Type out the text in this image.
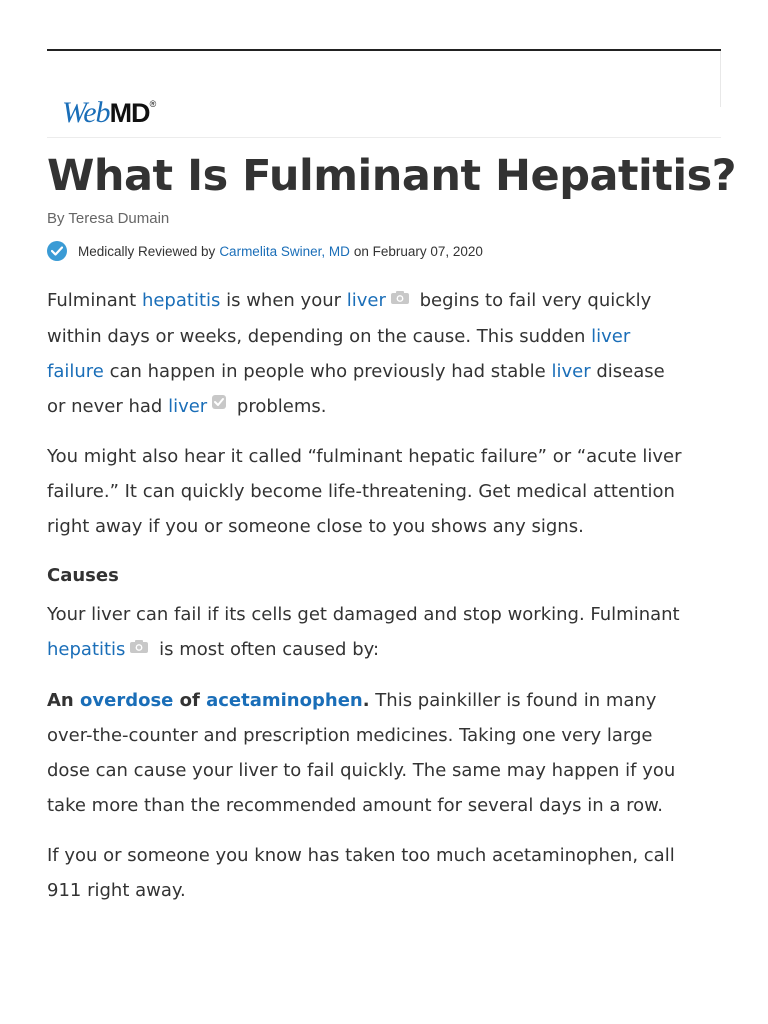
WebMD®
What Is Fulminant Hepatitis?
By Teresa Dumain
Medically Reviewed by Carmelita Swiner, MD on February 07, 2020

Fulminant hepatitis is when your liver begins to fail very quickly within days or weeks, depending on the cause. This sudden liver failure can happen in people who previously had stable liver disease or never had liver problems.

You might also hear it called “fulminant hepatic failure” or “acute liver failure.” It can quickly become life-threatening. Get medical attention right away if you or someone close to you shows any signs.

Causes

Your liver can fail if its cells get damaged and stop working. Fulminant hepatitis is most often caused by:

An overdose of acetaminophen. This painkiller is found in many over-the-counter and prescription medicines. Taking one very large dose can cause your liver to fail quickly. The same may happen if you take more than the recommended amount for several days in a row.

If you or someone you know has taken too much acetaminophen, call 911 right away.
